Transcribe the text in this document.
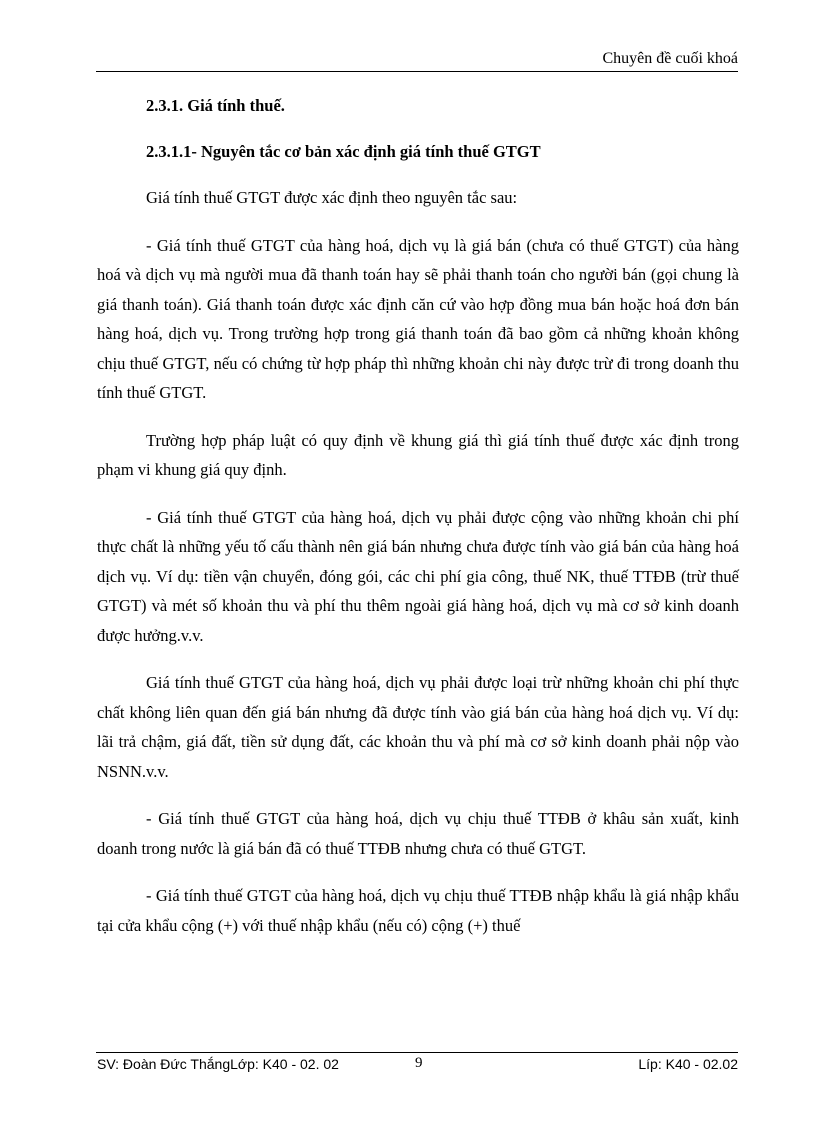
Chuyên đề cuối khoá

2.3.1. Giá tính thuế.

2.3.1.1- Nguyên tắc cơ bản xác định giá tính thuế GTGT

Giá tính thuế GTGT được xác định theo nguyên tắc sau:

- Giá tính thuế GTGT của hàng hoá, dịch vụ là giá bán (chưa có thuế GTGT) của hàng hoá và dịch vụ mà người mua đã thanh toán hay sẽ phải thanh toán cho người bán (gọi chung là giá thanh toán). Giá thanh toán được xác định căn cứ vào hợp đồng mua bán hoặc hoá đơn bán hàng hoá, dịch vụ. Trong trường hợp trong giá thanh toán đã bao gồm cả những khoản không chịu thuế GTGT, nếu có chứng từ hợp pháp thì những khoản chi này được trừ đi trong doanh thu tính thuế GTGT.

Trường hợp pháp luật có quy định về khung giá thì giá tính thuế được xác định trong phạm vi khung giá quy định.

- Giá tính thuế GTGT của hàng hoá, dịch vụ phải được cộng vào những khoản chi phí thực chất là những yếu tố cấu thành nên giá bán nhưng chưa được tính vào giá bán của hàng hoá dịch vụ. Ví dụ: tiền vận chuyển, đóng gói, các chi phí gia công, thuế NK, thuế TTĐB (trừ thuế GTGT) và mét số khoản thu và phí thu thêm ngoài giá hàng hoá, dịch vụ mà cơ sở kinh doanh được hưởng.v.v.

Giá tính thuế GTGT của hàng hoá, dịch vụ phải được loại trừ những khoản chi phí thực chất không liên quan đến giá bán nhưng đã được tính vào giá bán của hàng hoá dịch vụ. Ví dụ: lãi trả chậm, giá đất, tiền sử dụng đất, các khoản thu và phí mà cơ sở kinh doanh phải nộp vào NSNN.v.v.

- Giá tính thuế GTGT của hàng hoá, dịch vụ chịu thuế TTĐB ở khâu sản xuất, kinh doanh trong nước là giá bán đã có thuế TTĐB nhưng chưa có thuế GTGT.

- Giá tính thuế GTGT của hàng hoá, dịch vụ chịu thuế TTĐB nhập khẩu là giá nhập khẩu tại cửa khẩu cộng (+) với thuế nhập khẩu (nếu có) cộng (+) thuế

SV: Đoàn Đức ThắngLớp: K40 - 02. 02	9	Líp: K40 - 02.02
